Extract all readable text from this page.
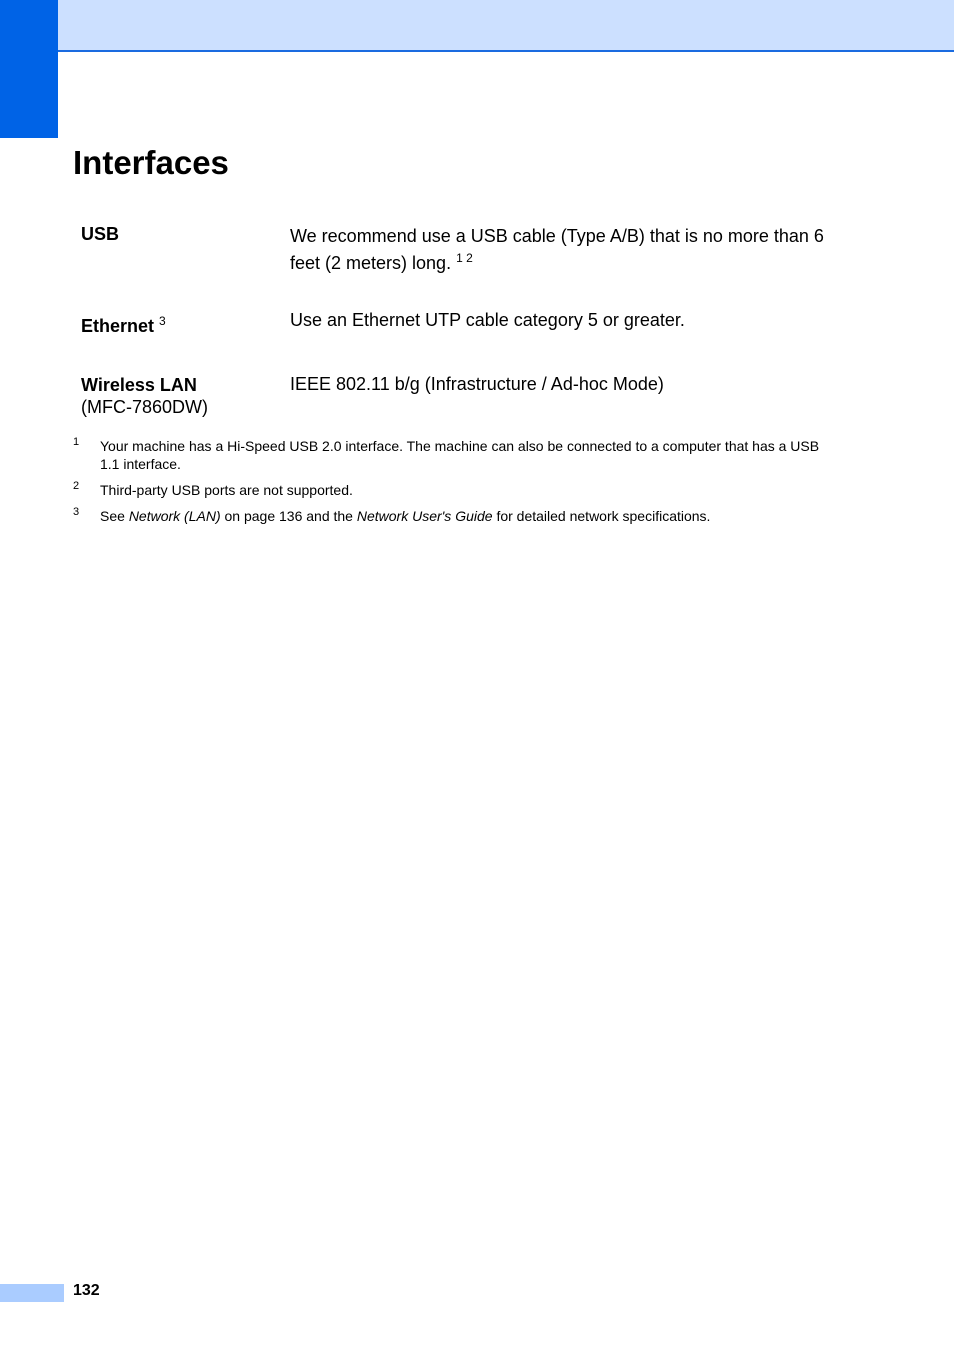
Interfaces
USB	We recommend use a USB cable (Type A/B) that is no more than 6 feet (2 meters) long. $^{1 2}$
Ethernet $^3$	Use an Ethernet UTP cable category 5 or greater.
Wireless LAN
(MFC-7860DW)
IEEE 802.11 b/g (Infrastructure / Ad-hoc Mode)
1 Your machine has a Hi-Speed USB 2.0 interface. The machine can also be connected to a computer that has a USB 1.1 interface.
2 Third-party USB ports are not supported.
3 See Network (LAN) on page 136 and the Network User's Guide for detailed network specifications.
132
